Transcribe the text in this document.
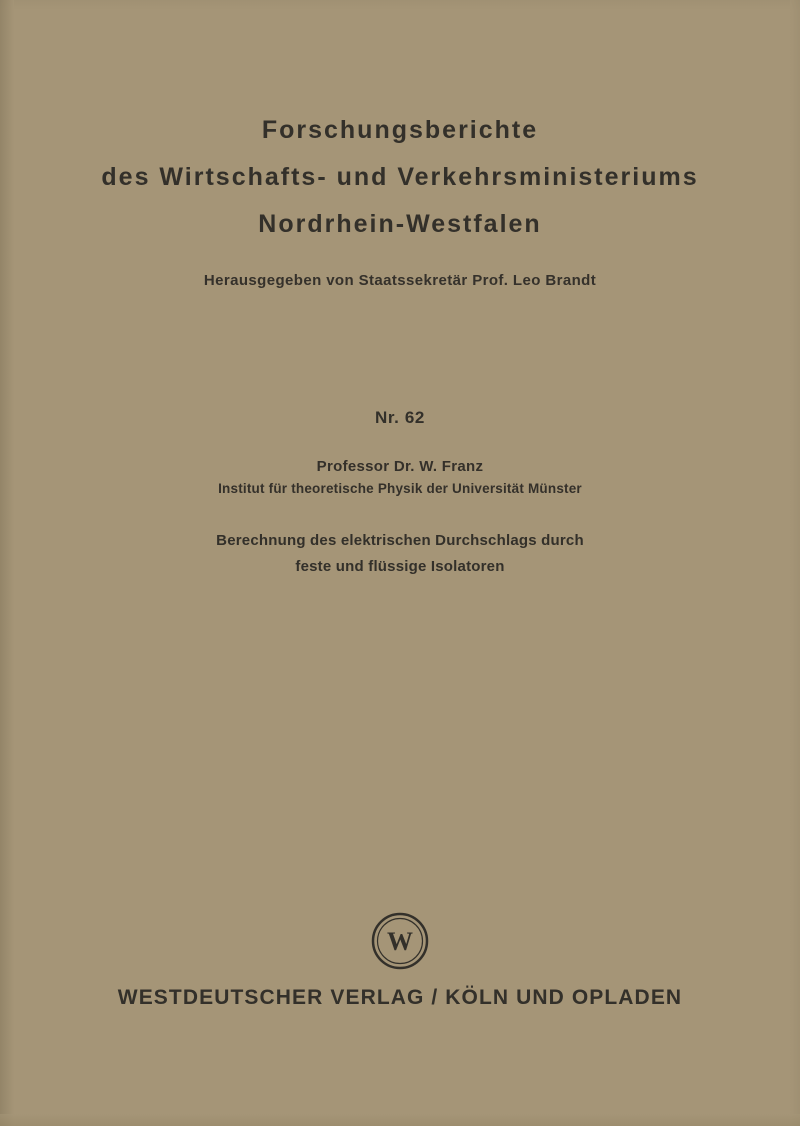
Forschungsberichte
des Wirtschafts- und Verkehrsministeriums
Nordrhein-Westfalen
Herausgegeben von Staatssekretär Prof. Leo Brandt
Nr. 62
Professor Dr. W. Franz
Institut für theoretische Physik der Universität Münster
Berechnung des elektrischen Durchschlags durch
feste und flüssige Isolatoren
W
WESTDEUTSCHER VERLAG / KÖLN UND OPLADEN
